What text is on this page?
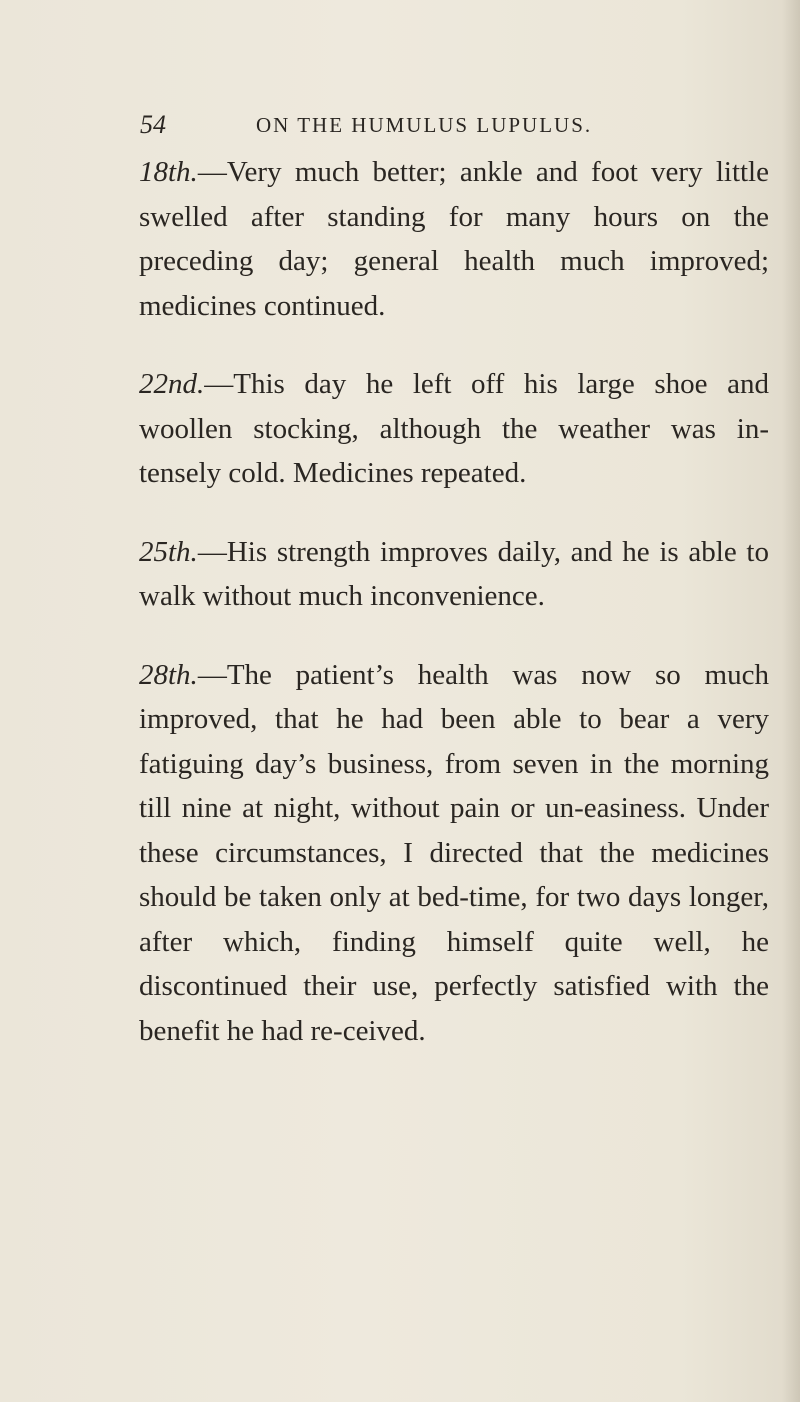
54	ON THE HUMULUS LUPULUS.

18th.—Very much better; ankle and foot very little swelled after standing for many hours on the preceding day; general health much improved; medicines continued.

22nd.—This day he left off his large shoe and woollen stocking, although the weather was in-tensely cold. Medicines repeated.

25th.—His strength improves daily, and he is able to walk without much inconvenience.

28th.—The patient’s health was now so much improved, that he had been able to bear a very fatiguing day’s business, from seven in the morning till nine at night, without pain or un-easiness. Under these circumstances, I directed that the medicines should be taken only at bed-time, for two days longer, after which, finding himself quite well, he discontinued their use, perfectly satisfied with the benefit he had re-ceived.
